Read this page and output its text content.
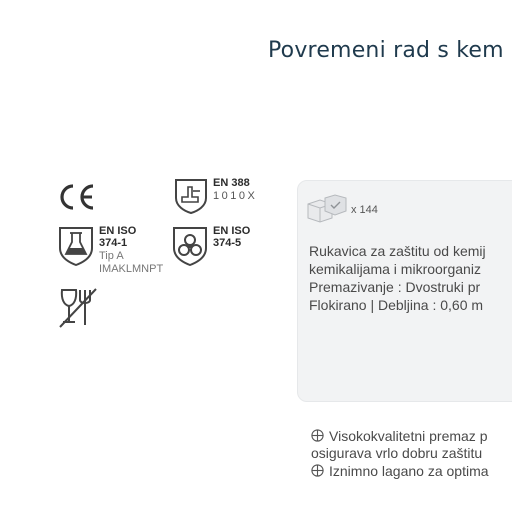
Povremeni rad s kem
EN 388
1010X
EN ISO
374-1
Tip A
IMAKLMNPT
EN ISO
374-5
x 144
Rukavica za zaštitu od kemij
kemikalijama i mikroorganiz
Premazivanje : Dvostruki pr
Flokirano | Debljina : 0,60 m
Visokokvalitetni premaz p
osigurava vrlo dobru zaštitu
Iznimno lagano za optima
